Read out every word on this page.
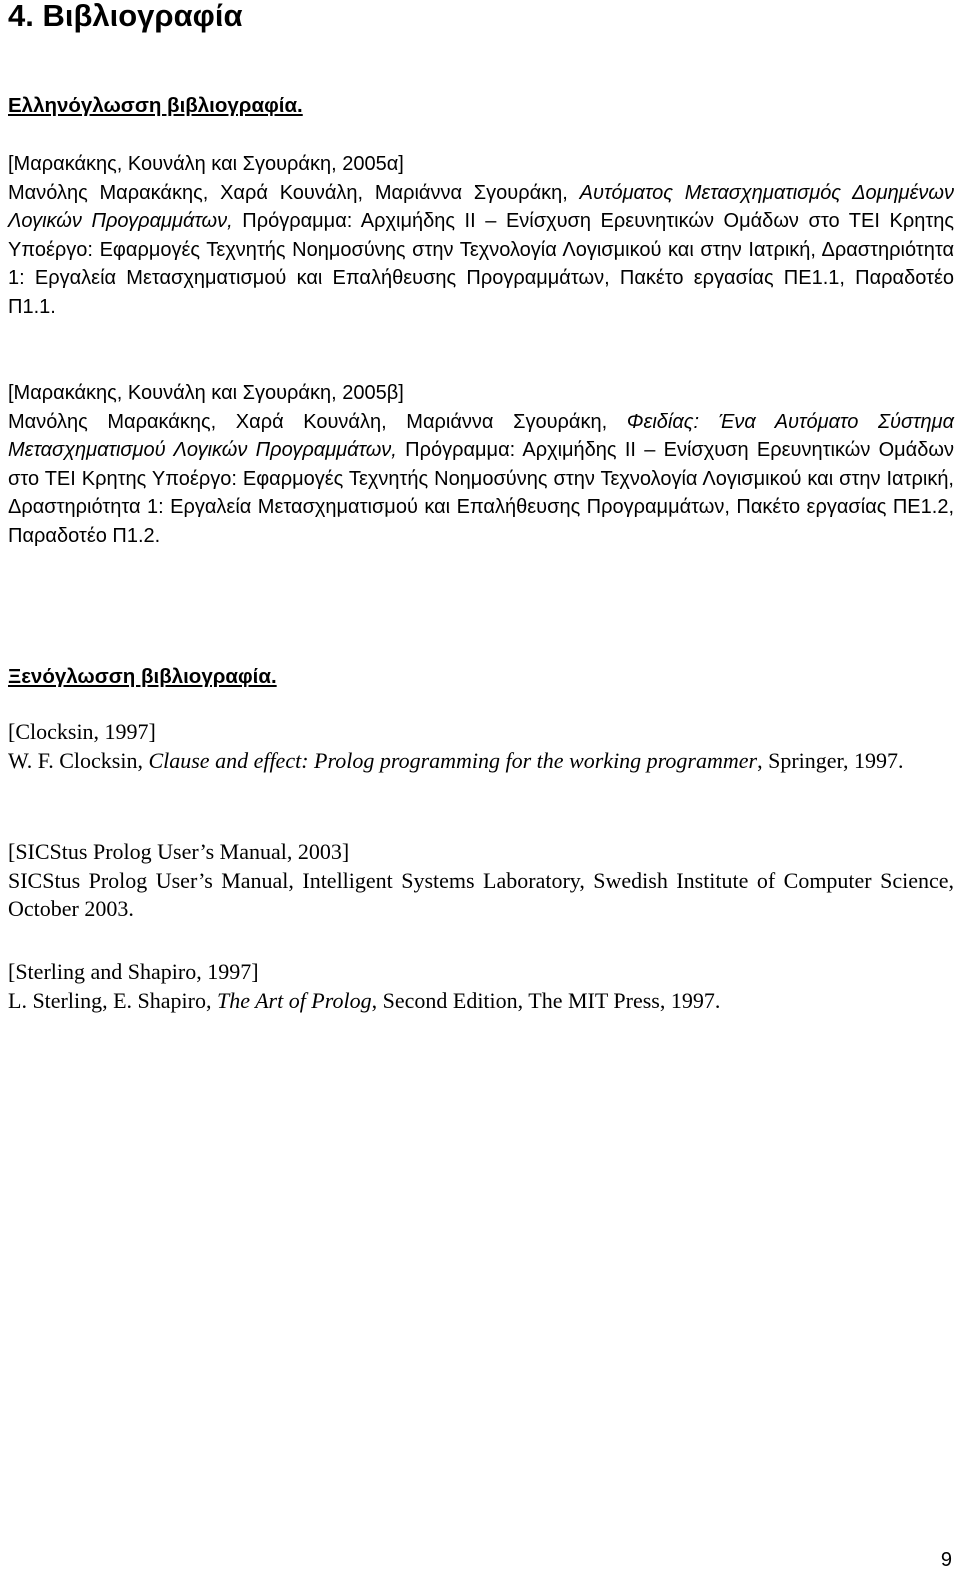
4. Βιβλιογραφία
Ελληνόγλωσση βιβλιογραφία.
[Μαρακάκης, Κουνάλη και Σγουράκη, 2005α]
Μανόλης Μαρακάκης, Χαρά Κουνάλη, Μαριάννα Σγουράκη, Αυτόματος Μετασχηματισμός Δομημένων Λογικών Προγραμμάτων, Πρόγραμμα: Αρχιμήδης ΙΙ – Ενίσχυση Ερευνητικών Ομάδων στο ΤΕΙ Κρητης Υποέργο: Εφαρμογές Τεχνητής Νοημοσύνης στην Τεχνολογία Λογισμικού και στην Ιατρική, Δραστηριότητα 1: Εργαλεία Μετασχηματισμού και Επαλήθευσης Προγραμμάτων, Πακέτο εργασίας ΠΕ1.1, Παραδοτέο Π1.1.
[Μαρακάκης, Κουνάλη και Σγουράκη, 2005β]
Μανόλης Μαρακάκης, Χαρά Κουνάλη, Μαριάννα Σγουράκη, Φειδίας: Ένα Αυτόματο Σύστημα Μετασχηματισμού Λογικών Προγραμμάτων, Πρόγραμμα: Αρχιμήδης ΙΙ – Ενίσχυση Ερευνητικών Ομάδων στο ΤΕΙ Κρητης Υποέργο: Εφαρμογές Τεχνητής Νοημοσύνης στην Τεχνολογία Λογισμικού και στην Ιατρική, Δραστηριότητα 1: Εργαλεία Μετασχηματισμού και Επαλήθευσης Προγραμμάτων, Πακέτο εργασίας ΠΕ1.2, Παραδοτέο Π1.2.
Ξενόγλωσση βιβλιογραφία.
[Clocksin, 1997]
W. F. Clocksin, Clause and effect: Prolog programming for the working programmer, Springer, 1997.
[SICStus Prolog User’s Manual, 2003]
SICStus Prolog User’s Manual, Intelligent Systems Laboratory, Swedish Institute of Computer Science, October 2003.
[Sterling and Shapiro, 1997]
L. Sterling, E. Shapiro, The Art of Prolog, Second Edition, The MIT Press, 1997.
9
